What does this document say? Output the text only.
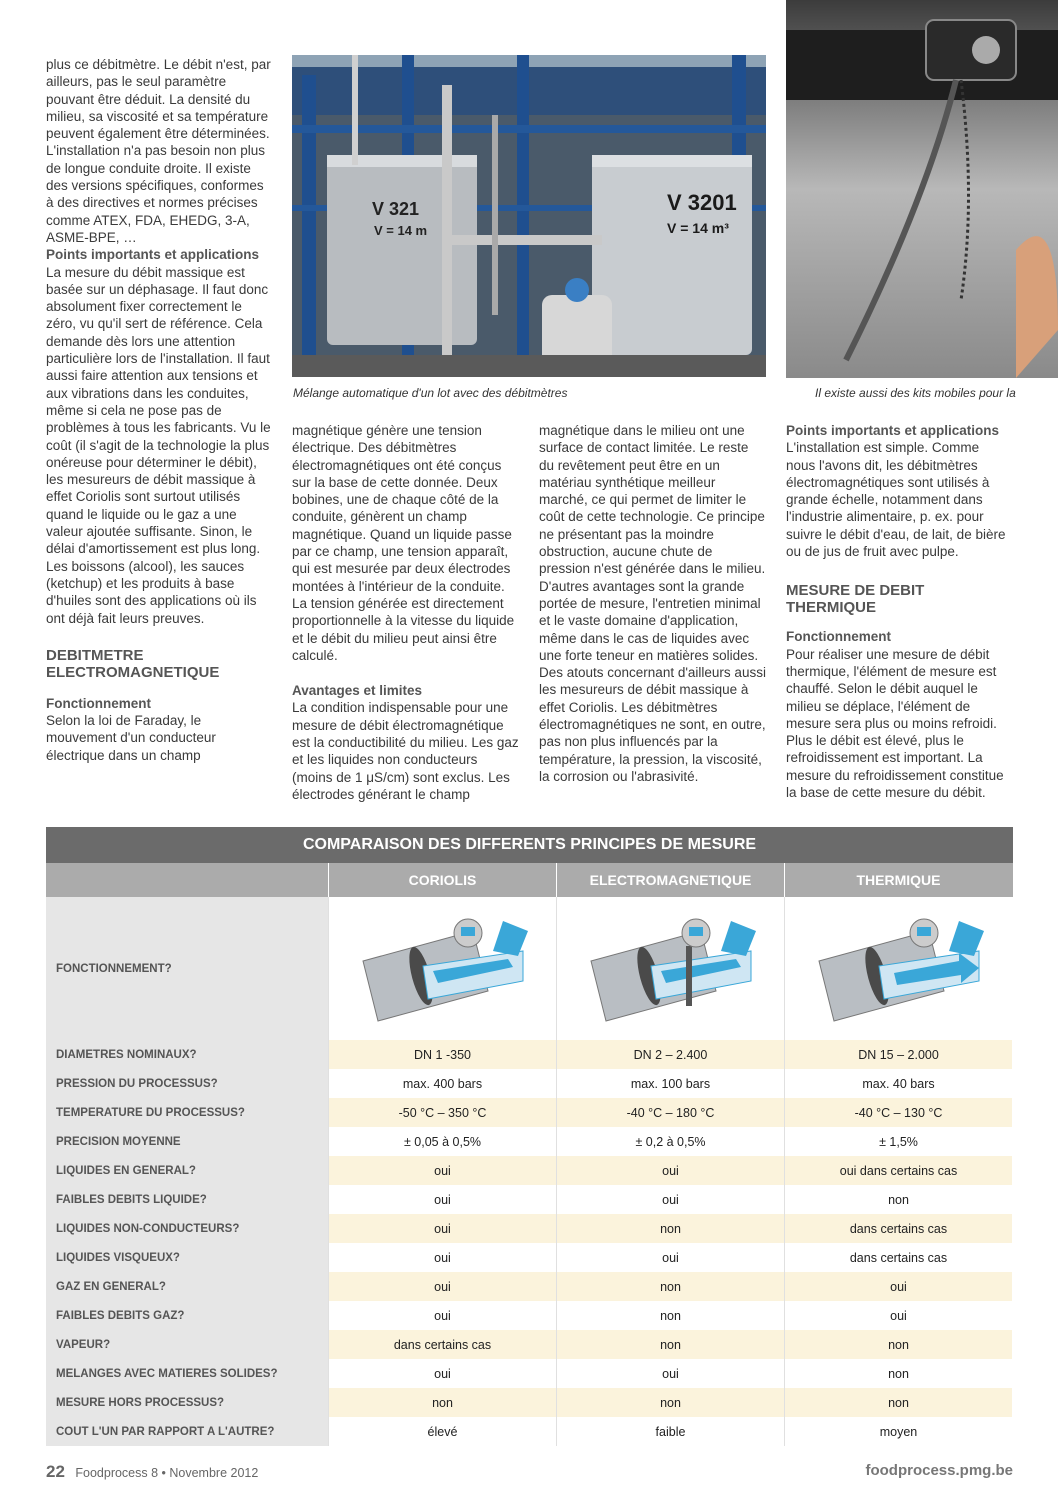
plus ce débitmètre. Le débit n'est, par ailleurs, pas le seul paramètre pouvant être déduit. La densité du milieu, sa viscosité et sa température peuvent également être déterminées. L'installation n'a pas besoin non plus de longue conduite droite. Il existe des versions spécifiques, conformes à des directives et normes précises comme ATEX, FDA, EHEDG, 3-A, ASME-BPE, …

Points importants et applications

La mesure du débit massique est basée sur un déphasage. Il faut donc absolument fixer correctement le zéro, vu qu'il sert de référence. Cela demande dès lors une attention particulière lors de l'installation. Il faut aussi faire attention aux tensions et aux vibrations dans les conduites, même si cela ne pose pas de problèmes à tous les fabricants. Vu le coût (il s'agit de la technologie la plus onéreuse pour déterminer le débit), les mesureurs de débit massique à effet Coriolis sont surtout utilisés quand le liquide ou le gaz a une valeur ajoutée suffisante. Sinon, le délai d'amortissement est plus long. Les boissons (alcool), les sauces (ketchup) et les produits à base d'huiles sont des applications où ils ont déjà fait leurs preuves.

DEBITMETRE ELECTROMAGNETIQUE

Fonctionnement

Selon la loi de Faraday, le mouvement d'un conducteur électrique dans un champ

V 321
V = 14 m
V 3201
V = 14 m³
Mélange automatique d'un lot avec des débitmètres	Il existe aussi des kits mobiles pour la

magnétique génère une tension électrique. Des débitmètres électromagnétiques ont été conçus sur la base de cette donnée. Deux bobines, une de chaque côté de la conduite, génèrent un champ magnétique. Quand un liquide passe par ce champ, une tension apparaît, qui est mesurée par deux électrodes montées à l'intérieur de la conduite. La tension générée est directement proportionnelle à la vitesse du liquide et le débit du milieu peut ainsi être calculé.

Avantages et limites

La condition indispensable pour une mesure de débit électromagnétique est la conductibilité du milieu. Les gaz et les liquides non conducteurs (moins de 1 μS/cm) sont exclus. Les électrodes générant le champ

magnétique dans le milieu ont une surface de contact limitée. Le reste du revêtement peut être en un matériau synthétique meilleur marché, ce qui permet de limiter le coût de cette technologie. Ce principe ne présentant pas la moindre obstruction, aucune chute de pression n'est générée dans le milieu. D'autres avantages sont la grande portée de mesure, l'entretien minimal et le vaste domaine d'application, même dans le cas de liquides avec une forte teneur en matières solides. Des atouts concernant d'ailleurs aussi les mesureurs de débit massique à effet Coriolis. Les débitmètres électromagnétiques ne sont, en outre, pas non plus influencés par la température, la pression, la viscosité, la corrosion ou l'abrasivité.

Points importants et applications

L'installation est simple. Comme nous l'avons dit, les débitmètres électromagnétiques sont utilisés à grande échelle, notamment dans l'industrie alimentaire, p. ex. pour suivre le débit d'eau, de lait, de bière ou de jus de fruit avec pulpe.

MESURE DE DEBIT THERMIQUE

Fonctionnement

Pour réaliser une mesure de débit thermique, l'élément de mesure est chauffé. Selon le débit auquel le milieu se déplace, l'élément de mesure sera plus ou moins refroidi. Plus le débit est élevé, plus le refroidissement est important. La mesure du refroidissement constitue la base de cette mesure du débit.

COMPARAISON DES DIFFERENTS PRINCIPES DE MESURE
CORIOLIS	ELECTROMAGNETIQUE	THERMIQUE
FONCTIONNEMENT?
DIAMETRES NOMINAUX?	DN 1 -350	DN 2 – 2.400	DN 15 – 2.000
PRESSION DU PROCESSUS?	max. 400 bars	max. 100 bars	max. 40 bars
TEMPERATURE DU PROCESSUS?	-50 °C – 350 °C	-40 °C – 180 °C	-40 °C – 130 °C
PRECISION MOYENNE	± 0,05 à 0,5%	± 0,2 à 0,5%	± 1,5%
LIQUIDES EN GENERAL?	oui	oui	oui dans certains cas
FAIBLES DEBITS LIQUIDE?	oui	oui	non
LIQUIDES NON-CONDUCTEURS?	oui	non	dans certains cas
LIQUIDES VISQUEUX?	oui	oui	dans certains cas
GAZ EN GENERAL?	oui	non	oui
FAIBLES DEBITS GAZ?	oui	non	oui
VAPEUR?	dans certains cas	non	non
MELANGES AVEC MATIERES SOLIDES?	oui	oui	non
MESURE HORS PROCESSUS?	non	non	non
COUT L'UN PAR RAPPORT A L'AUTRE?	élevé	faible	moyen
22 Foodprocess 8 • Novembre 2012	foodprocess.pmg.be
